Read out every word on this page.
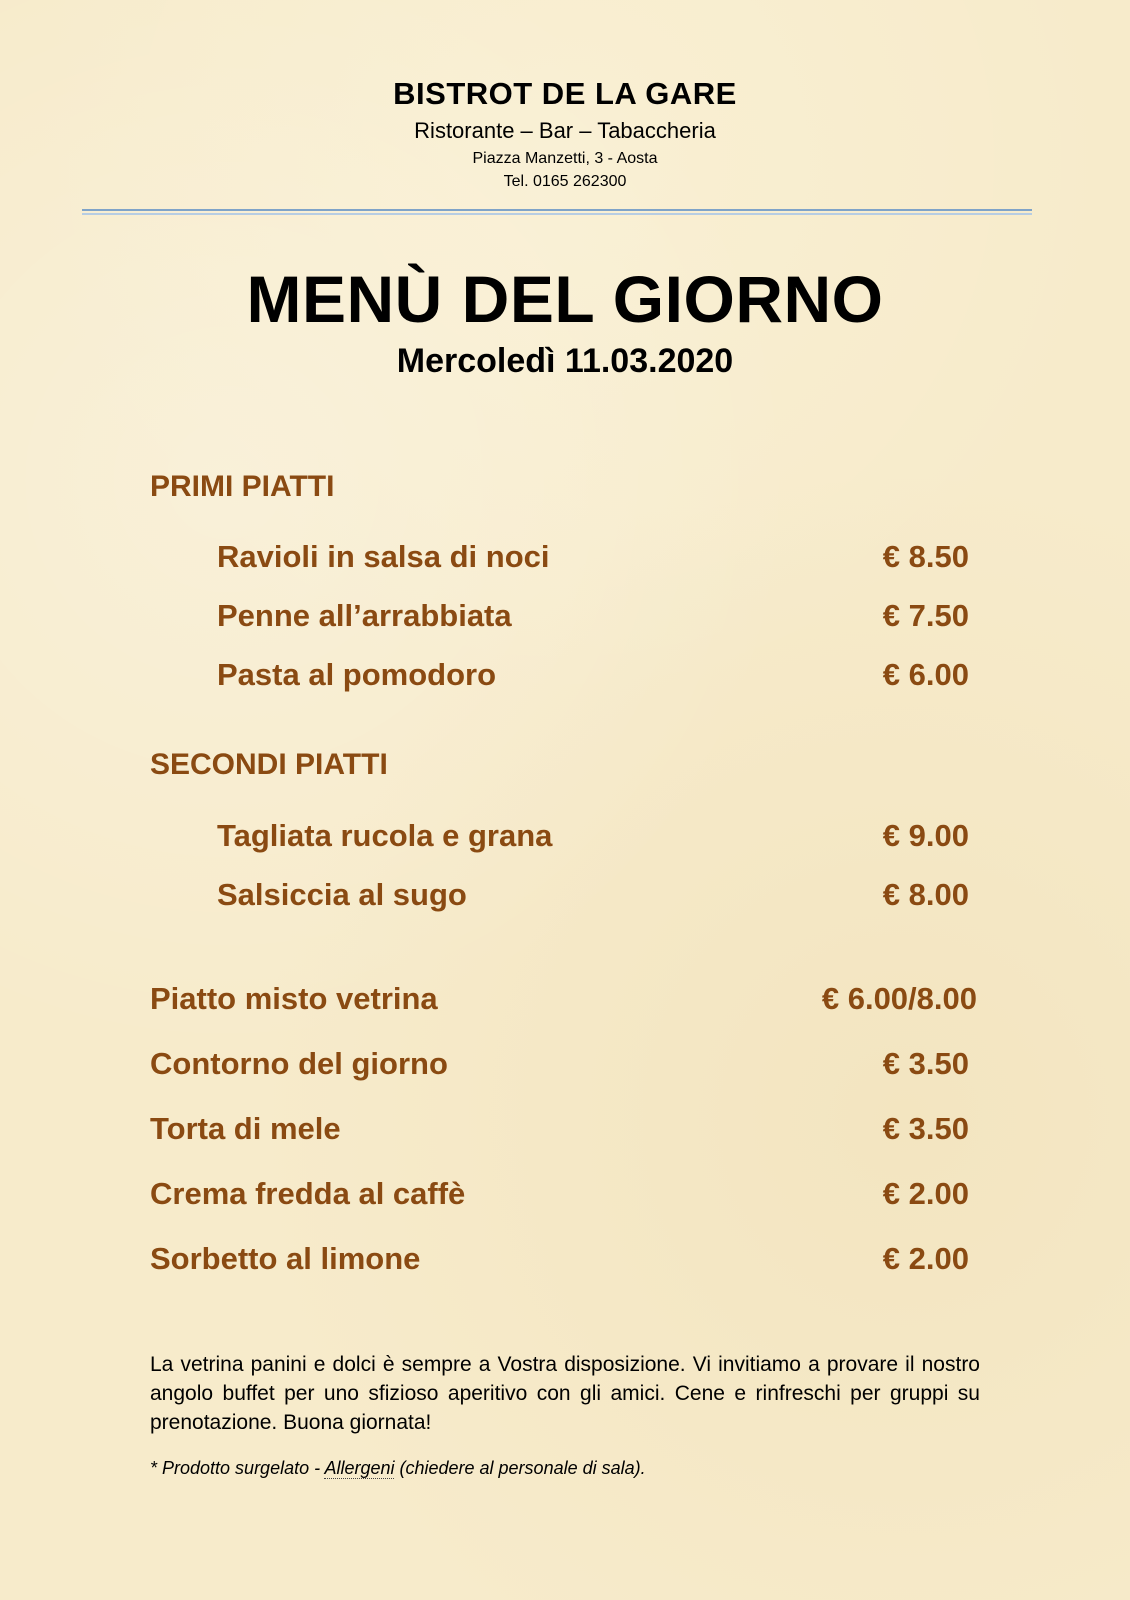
BISTROT DE LA GARE
Ristorante – Bar – Tabaccheria
Piazza Manzetti, 3 - Aosta
Tel. 0165 262300
MENÙ DEL GIORNO
Mercoledì 11.03.2020
PRIMI PIATTI
Ravioli in salsa di noci	€ 8.50
Penne all’arrabbiata	€ 7.50
Pasta al pomodoro	€ 6.00
SECONDI PIATTI
Tagliata rucola e grana	€ 9.00
Salsiccia al sugo	€ 8.00
Piatto misto vetrina	€ 6.00/8.00
Contorno del giorno	€ 3.50
Torta di mele	€ 3.50
Crema fredda al caffè	€ 2.00
Sorbetto al limone	€ 2.00
La vetrina panini e dolci è sempre a Vostra disposizione. Vi invitiamo a provare il nostro angolo buffet per uno sfizioso aperitivo con gli amici. Cene e rinfreschi per gruppi su prenotazione. Buona giornata!
* Prodotto surgelato - Allergeni (chiedere al personale di sala).
